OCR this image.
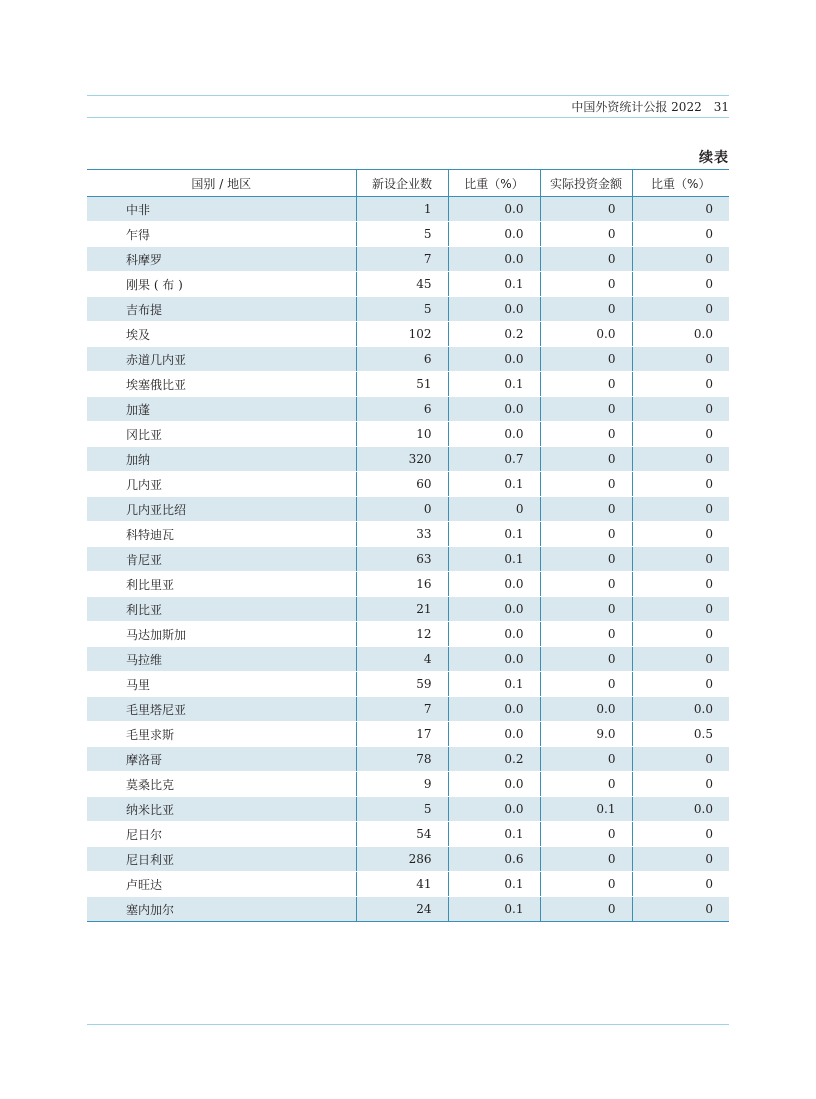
中国外资统计公报 2022 31
续表
国别 / 地区	新设企业数	比重（%）	实际投资金额	比重（%）
中非	1	0.0	0	0
乍得	5	0.0	0	0
科摩罗	7	0.0	0	0
刚果 ( 布 )	45	0.1	0	0
吉布提	5	0.0	0	0
埃及	102	0.2	0.0	0.0
赤道几内亚	6	0.0	0	0
埃塞俄比亚	51	0.1	0	0
加蓬	6	0.0	0	0
冈比亚	10	0.0	0	0
加纳	320	0.7	0	0
几内亚	60	0.1	0	0
几内亚比绍	0	0	0	0
科特迪瓦	33	0.1	0	0
肯尼亚	63	0.1	0	0
利比里亚	16	0.0	0	0
利比亚	21	0.0	0	0
马达加斯加	12	0.0	0	0
马拉维	4	0.0	0	0
马里	59	0.1	0	0
毛里塔尼亚	7	0.0	0.0	0.0
毛里求斯	17	0.0	9.0	0.5
摩洛哥	78	0.2	0	0
莫桑比克	9	0.0	0	0
纳米比亚	5	0.0	0.1	0.0
尼日尔	54	0.1	0	0
尼日利亚	286	0.6	0	0
卢旺达	41	0.1	0	0
塞内加尔	24	0.1	0	0
